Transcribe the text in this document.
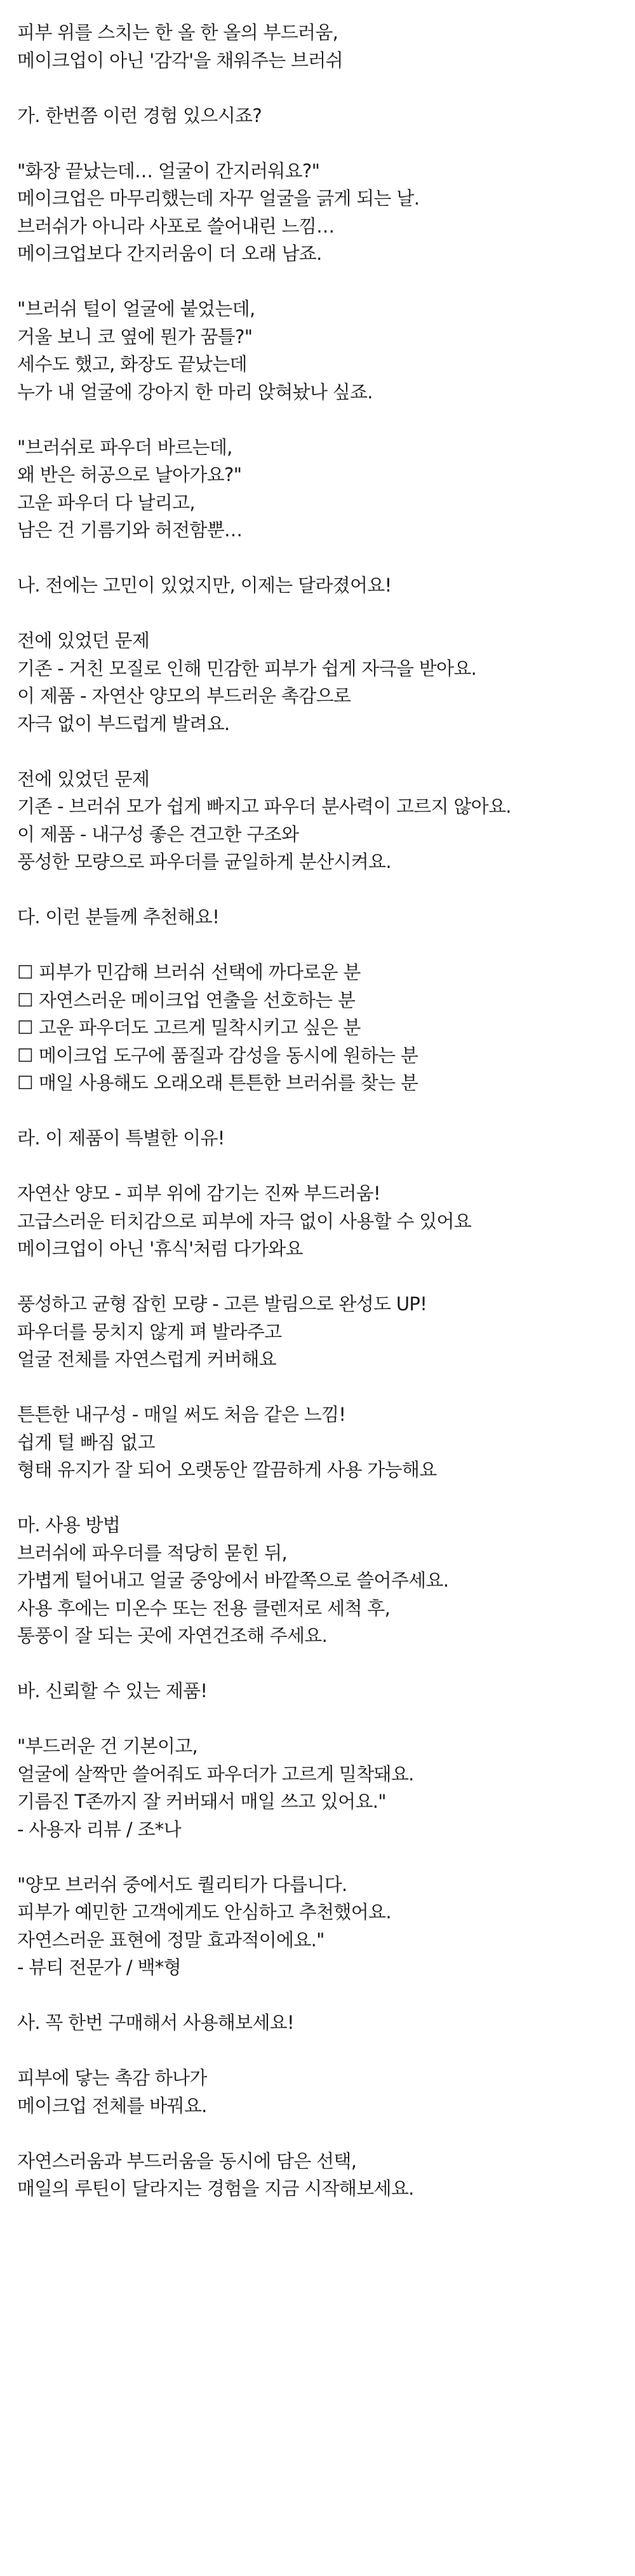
피부 위를 스치는 한 올 한 올의 부드러움,
메이크업이 아닌 '감각'을 채워주는 브러쉬
가. 한번쯤 이런 경험 있으시죠?
"화장 끝났는데… 얼굴이 간지러워요?"
메이크업은 마무리했는데 자꾸 얼굴을 긁게 되는 날.
브러쉬가 아니라 사포로 쓸어내린 느낌…
메이크업보다 간지러움이 더 오래 남죠.
"브러쉬 털이 얼굴에 붙었는데,
거울 보니 코 옆에 뭔가 꿈틀?"
세수도 했고, 화장도 끝났는데
누가 내 얼굴에 강아지 한 마리 앉혀놨나 싶죠.
"브러쉬로 파우더 바르는데,
왜 반은 허공으로 날아가요?"
고운 파우더 다 날리고,
남은 건 기름기와 허전함뿐…
나. 전에는 고민이 있었지만, 이제는 달라졌어요!
전에 있었던 문제
기존 - 거친 모질로 인해 민감한 피부가 쉽게 자극을 받아요.
이 제품 - 자연산 양모의 부드러운 촉감으로
자극 없이 부드럽게 발려요.
전에 있었던 문제
기존 - 브러쉬 모가 쉽게 빠지고 파우더 분사력이 고르지 않아요.
이 제품 - 내구성 좋은 견고한 구조와
풍성한 모량으로 파우더를 균일하게 분산시켜요.
다. 이런 분들께 추천해요!
☐ 피부가 민감해 브러쉬 선택에 까다로운 분
☐ 자연스러운 메이크업 연출을 선호하는 분
☐ 고운 파우더도 고르게 밀착시키고 싶은 분
☐ 메이크업 도구에 품질과 감성을 동시에 원하는 분
☐ 매일 사용해도 오래오래 튼튼한 브러쉬를 찾는 분
라. 이 제품이 특별한 이유!
자연산 양모 - 피부 위에 감기는 진짜 부드러움!
고급스러운 터치감으로 피부에 자극 없이 사용할 수 있어요
메이크업이 아닌 '휴식'처럼 다가와요
풍성하고 균형 잡힌 모량 - 고른 발림으로 완성도 UP!
파우더를 뭉치지 않게 펴 발라주고
얼굴 전체를 자연스럽게 커버해요
튼튼한 내구성 - 매일 써도 처음 같은 느낌!
쉽게 털 빠짐 없고
형태 유지가 잘 되어 오랫동안 깔끔하게 사용 가능해요
마. 사용 방법
브러쉬에 파우더를 적당히 묻힌 뒤,
가볍게 털어내고 얼굴 중앙에서 바깥쪽으로 쓸어주세요.
사용 후에는 미온수 또는 전용 클렌저로 세척 후,
통풍이 잘 되는 곳에 자연건조해 주세요.
바. 신뢰할 수 있는 제품!
"부드러운 건 기본이고,
얼굴에 살짝만 쓸어줘도 파우더가 고르게 밀착돼요.
기름진 T존까지 잘 커버돼서 매일 쓰고 있어요."
- 사용자 리뷰 / 조*나
"양모 브러쉬 중에서도 퀄리티가 다릅니다.
피부가 예민한 고객에게도 안심하고 추천했어요.
자연스러운 표현에 정말 효과적이에요."
- 뷰티 전문가 / 백*형
사. 꼭 한번 구매해서 사용해보세요!
피부에 닿는 촉감 하나가
메이크업 전체를 바꿔요.
자연스러움과 부드러움을 동시에 담은 선택,
매일의 루틴이 달라지는 경험을 지금 시작해보세요.
